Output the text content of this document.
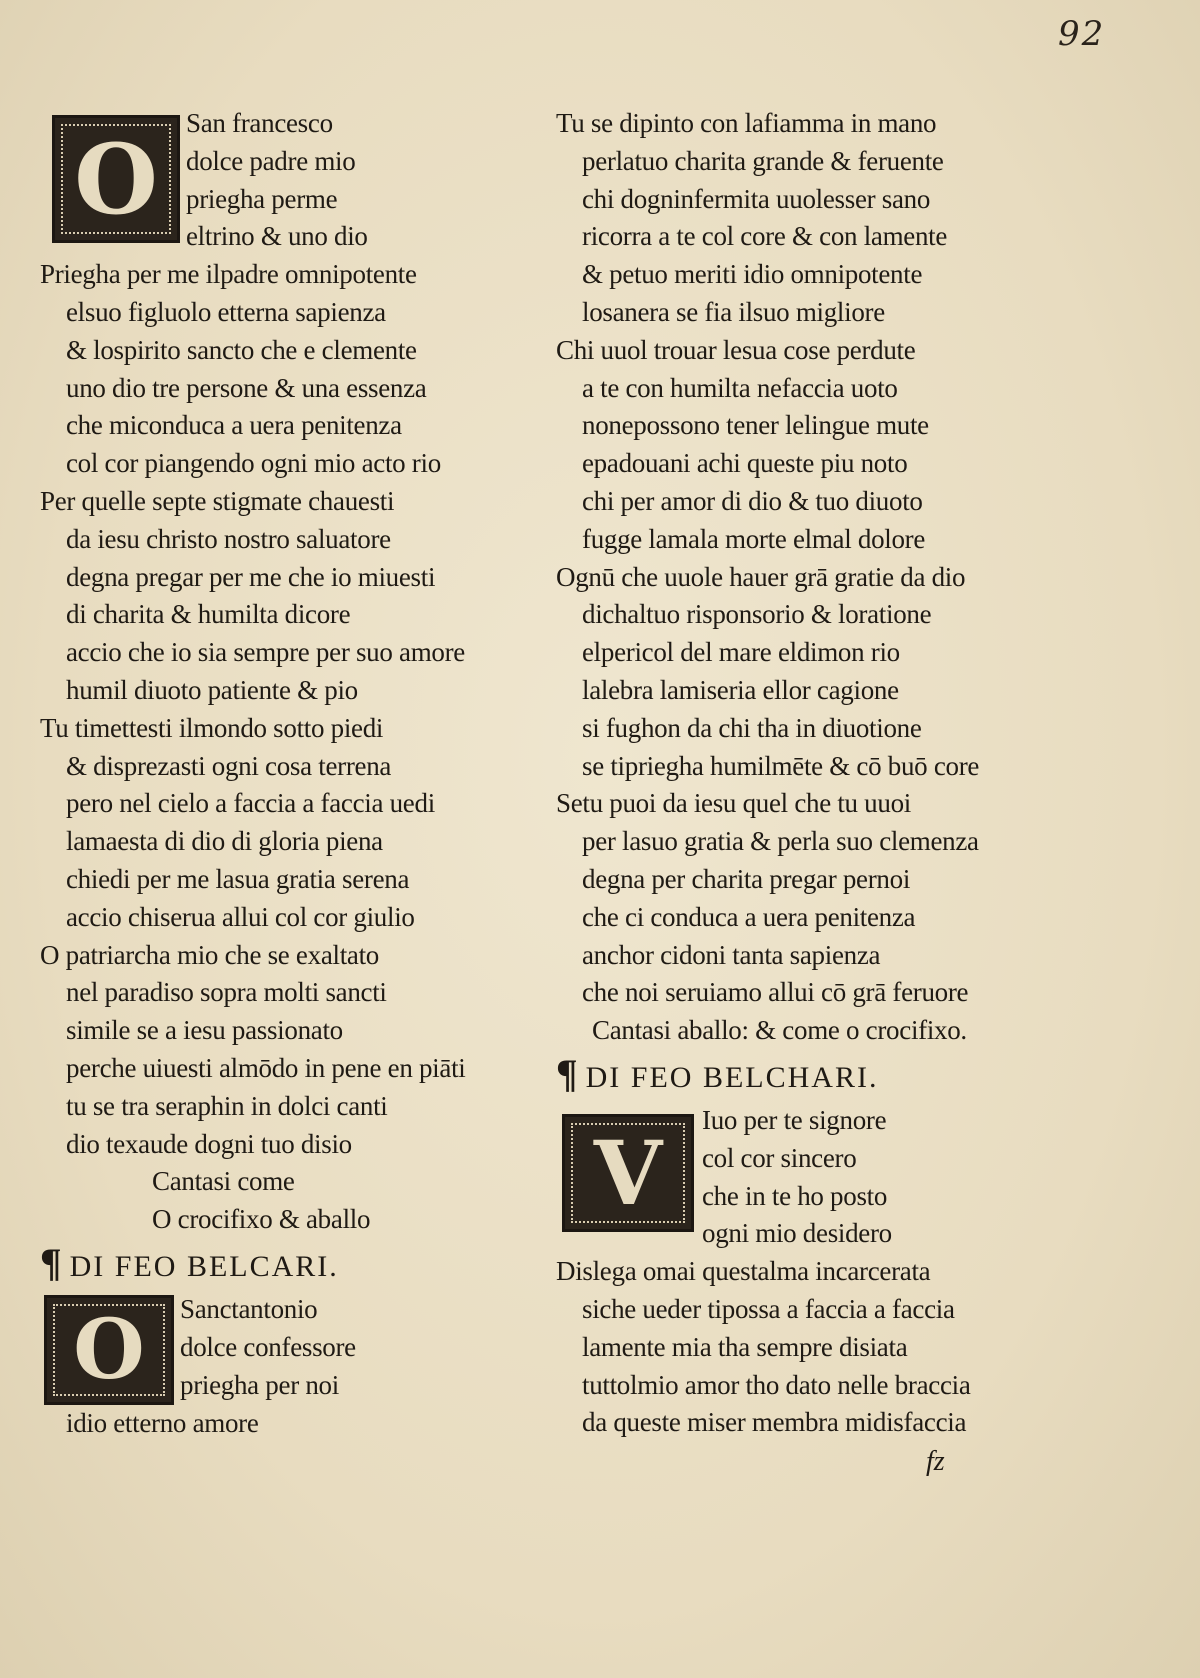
92
O San francesco
dolce padre mio
priegha perme
eltrino & uno dio
Priegha per me ilpadre omnipotente
elsuo figluolo etterna sapienza
& lospirito sancto che e clemente
uno dio tre persone & una essenza
che miconduca a uera penitenza
col cor piangendo ogni mio acto rio
Per quelle septe stigmate chauesti
da iesu christo nostro saluatore
degna pregar per me che io miuesti
di charita & humilta dicore
accio che io sia sempre per suo amore
humil diuoto patiente & pio
Tu timettesti ilmondo sotto piedi
& disprezasti ogni cosa terrena
pero nel cielo a faccia a faccia uedi
lamaesta di dio di gloria piena
chiedi per me lasua gratia serena
accio chiserua allui col cor giulio
O patriarcha mio che se exaltato
nel paradiso sopra molti sancti
simile se a iesu passionato
perche uiuesti almōdo in pene en piāti
tu se tra seraphin in dolci canti
dio texaude dogni tuo disio
Cantasi come
O crocifixo & aballo
¶ DI FEO BELCARI.
O Sanctantonio
dolce confessore
priegha per noi
idio etterno amore
Tu se dipinto con lafiamma in mano
perlatuo charita grande & feruente
chi dogninfermita uuolesser sano
ricorra a te col core & con lamente
& petuo meriti idio omnipotente
losanera se fia ilsuo migliore
Chi uuol trouar lesua cose perdute
a te con humilta nefaccia uoto
nonepossono tener lelingue mute
epadouani achi queste piu noto
chi per amor di dio & tuo diuoto
fugge lamala morte elmal dolore
Ognū che uuole hauer grā gratie da dio
dichaltuo risponsorio & loratione
elpericol del mare eldimon rio
lalebra lamiseria ellor cagione
si fughon da chi tha in diuotione
se tipriegha humilmēte & cō buō core
Setu puoi da iesu quel che tu uuoi
per lasuo gratia & perla suo clemenza
degna per charita pregar pernoi
che ci conduca a uera penitenza
anchor cidoni tanta sapienza
che noi seruiamo allui cō grā feruore
Cantasi aballo: & come o crocifixo.
¶ DI FEO BELCHARI.
V
Iuo per te signore
col cor sincero
che in te ho posto
ogni mio desidero
Dislega omai questalma incarcerata
siche ueder tipossa a faccia a faccia
lamente mia tha sempre disiata
tuttolmio amor tho dato nelle braccia
da queste miser membra midisfaccia
fz
